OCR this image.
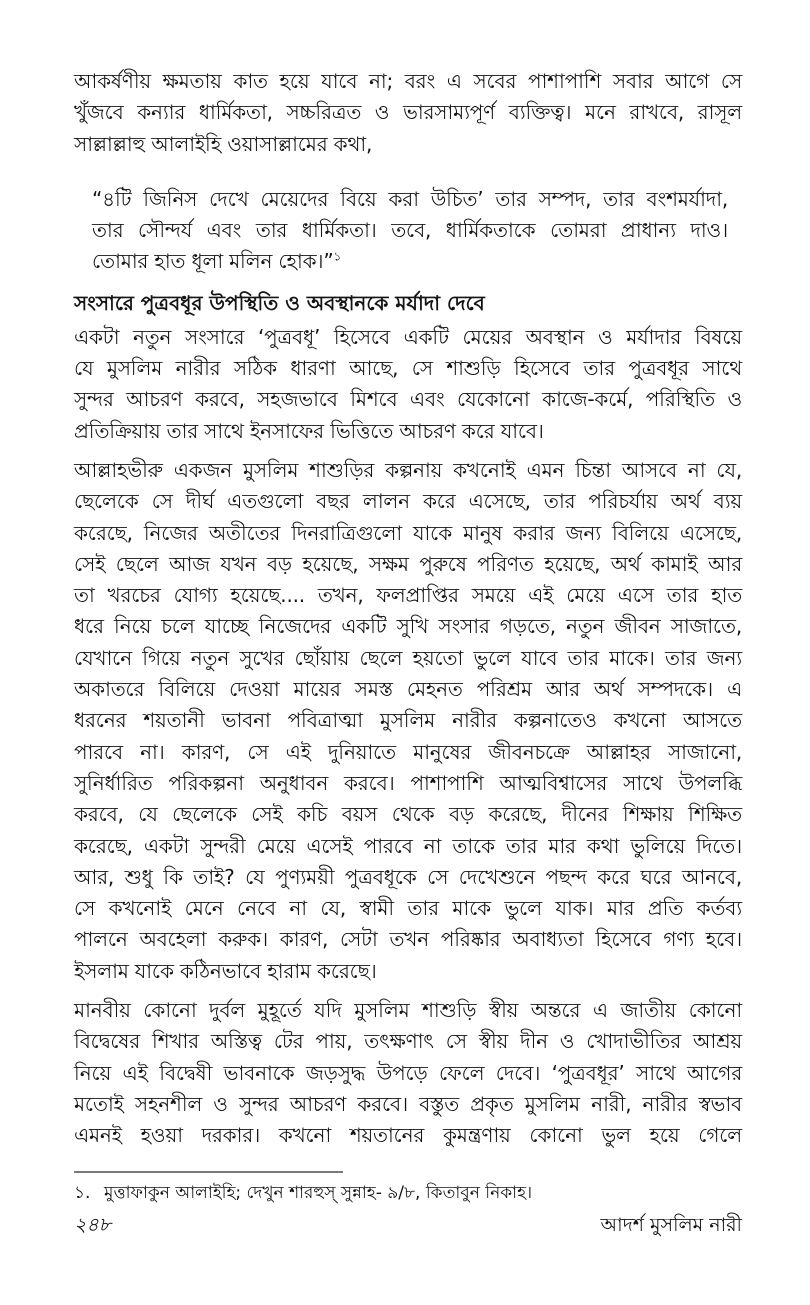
আকর্ষণীয় ক্ষমতায় কাত হয়ে যাবে না; বরং এ সবের পাশাপাশি সবার আগে সে
খুঁজবে কন্যার ধার্মিকতা, সচ্চরিত্রত ও ভারসাম্যপূর্ণ ব্যক্তিত্ব। মনে রাখবে, রাসূল
সাল্লাল্লাহু আলাইহি ওয়াসাল্লামের কথা,
“৪টি জিনিস দেখে মেয়েদের বিয়ে করা উচিত’ তার সম্পদ, তার বংশমর্যাদা,
তার সৌন্দর্য এবং তার ধার্মিকতা। তবে, ধার্মিকতাকে তোমরা প্রাধান্য দাও।
তোমার হাত ধূলা মলিন হোক।”$^১$
সংসারে পুত্রবধূর উপস্থিতি ও অবস্থানকে মর্যাদা দেবে
একটা নতুন সংসারে ‘পুত্রবধূ’ হিসেবে একটি মেয়ের অবস্থান ও মর্যাদার বিষয়ে
যে মুসলিম নারীর সঠিক ধারণা আছে, সে শাশুড়ি হিসেবে তার পুত্রবধূর সাথে
সুন্দর আচরণ করবে, সহজভাবে মিশবে এবং যেকোনো কাজে-কর্মে, পরিস্থিতি ও
প্রতিক্রিয়ায় তার সাথে ইনসাফের ভিত্তিতে আচরণ করে যাবে।
আল্লাহভীরু একজন মুসলিম শাশুড়ির কল্পনায় কখনোই এমন চিন্তা আসবে না যে,
ছেলেকে সে দীর্ঘ এতগুলো বছর লালন করে এসেছে, তার পরিচর্যায় অর্থ ব্যয়
করেছে, নিজের অতীতের দিনরাত্রিগুলো যাকে মানুষ করার জন্য বিলিয়ে এসেছে,
সেই ছেলে আজ যখন বড় হয়েছে, সক্ষম পুরুষে পরিণত হয়েছে, অর্থ কামাই আর
তা খরচের যোগ্য হয়েছে.... তখন, ফলপ্রাপ্তির সময়ে এই মেয়ে এসে তার হাত
ধরে নিয়ে চলে যাচ্ছে নিজেদের একটি সুখি সংসার গড়তে, নতুন জীবন সাজাতে,
যেখানে গিয়ে নতুন সুখের ছোঁয়ায় ছেলে হয়তো ভুলে যাবে তার মাকে। তার জন্য
অকাতরে বিলিয়ে দেওয়া মায়ের সমস্ত মেহনত পরিশ্রম আর অর্থ সম্পদকে। এ
ধরনের শয়তানী ভাবনা পবিত্রাত্মা মুসলিম নারীর কল্পনাতেও কখনো আসতে
পারবে না। কারণ, সে এই দুনিয়াতে মানুষের জীবনচক্রে আল্লাহর সাজানো,
সুনির্ধারিত পরিকল্পনা অনুধাবন করবে। পাশাপাশি আত্মবিশ্বাসের সাথে উপলব্ধি
করবে, যে ছেলেকে সেই কচি বয়স থেকে বড় করেছে, দীনের শিক্ষায় শিক্ষিত
করেছে, একটা সুন্দরী মেয়ে এসেই পারবে না তাকে তার মার কথা ভুলিয়ে দিতে।
আর, শুধু কি তাই? যে পুণ্যময়ী পুত্রবধূকে সে দেখেশুনে পছন্দ করে ঘরে আনবে,
সে কখনোই মেনে নেবে না যে, স্বামী তার মাকে ভুলে যাক। মার প্রতি কর্তব্য
পালনে অবহেলা করুক। কারণ, সেটা তখন পরিষ্কার অবাধ্যতা হিসেবে গণ্য হবে।
ইসলাম যাকে কঠিনভাবে হারাম করেছে।
মানবীয় কোনো দুর্বল মুহূর্তে যদি মুসলিম শাশুড়ি স্বীয় অন্তরে এ জাতীয় কোনো
বিদ্বেষের শিখার অস্তিত্ব টের পায়, তৎক্ষণাৎ সে স্বীয় দীন ও খোদাভীতির আশ্রয়
নিয়ে এই বিদ্বেষী ভাবনাকে জড়সুদ্ধ উপড়ে ফেলে দেবে। ‘পুত্রবধূর’ সাথে আগের
মতোই সহনশীল ও সুন্দর আচরণ করবে। বস্তুত প্রকৃত মুসলিম নারী, নারীর স্বভাব
এমনই হওয়া দরকার। কখনো শয়তানের কুমন্ত্রণায় কোনো ভুল হয়ে গেলে
১. মুত্তাফাকুন আলাইহি; দেখুন শারহুস্ সুন্নাহ- ৯/৮, কিতাবুন নিকাহ।
২৪৮	আদর্শ মুসলিম নারী
